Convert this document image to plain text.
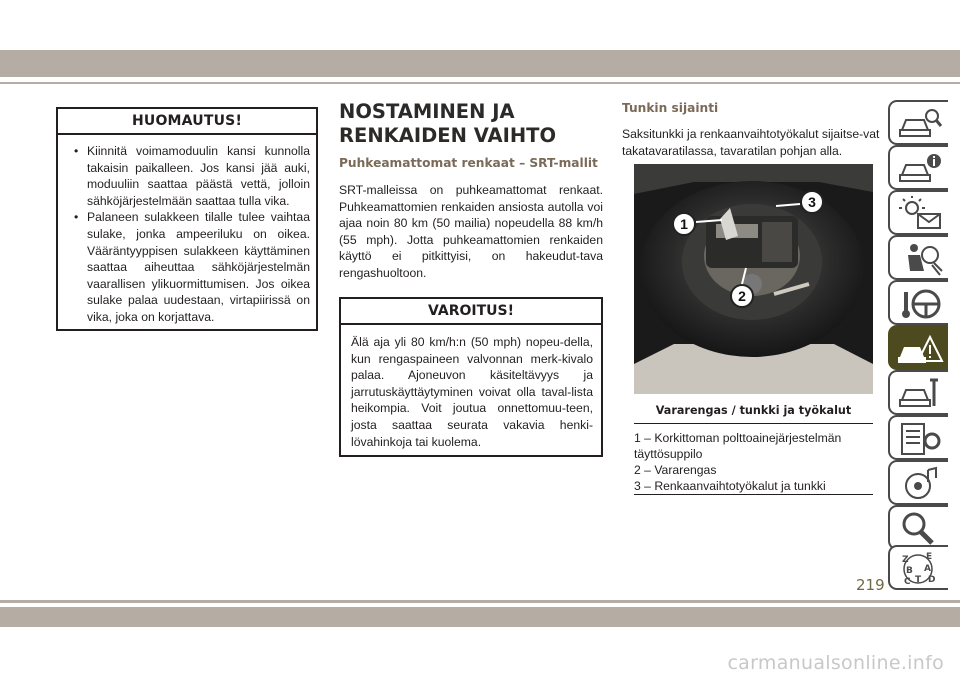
HUOMAUTUS!
• Kiinnitä voimamoduulin kansi kunnolla takaisin paikalleen. Jos kansi jää auki, moduuliin saattaa päästä vettä, jolloin sähköjärjestelmään saattaa tulla vika.
• Palaneen sulakkeen tilalle tulee vaihtaa sulake, jonka ampeeriluku on oikea. Vääräntyyppisen sulakkeen käyttäminen saattaa aiheuttaa sähköjärjestelmän vaarallisen ylikuormittumisen. Jos oikea sulake palaa uudestaan, virtapiirissä on vika, joka on korjattava.
NOSTAMINEN JA
RENKAIDEN VAIHTO
Puhkeamattomat renkaat – SRT-mallit

SRT-malleissa on puhkeamattomat renkaat. Puhkeamattomien renkaiden ansiosta autolla voi ajaa noin 80 km (50 mailia) nopeudella 88 km/h (55 mph). Jotta puhkeamattomien renkaiden käyttö ei pitkittyisi, on hakeudut-tava rengashuoltoon.

VAROITUS!

Älä aja yli 80 km/h:n (50 mph) nopeu-della, kun rengaspaineen valvonnan merk-kivalo palaa. Ajoneuvon käsiteltävyys ja jarrutuskäyttäytyminen voivat olla taval-lista heikompia. Voit joutua onnettomuu-teen, josta saattaa seurata vakavia henki-lövahinkoja tai kuolema.

Tunkin sijainti

Saksitunkki ja renkaanvaihtotyökalut sijaitse-vat takatavaratilassa, tavaratilan pohjan alla.

1
2
3
Vararengas / tunkki ja työkalut
1 – Korkittoman polttoainejärjestelmän
täyttösuppilo
2 – Vararengas
3 – Renkaanvaihtotyökalut ja tunkki
Z E
B A
C T D
219
carmanualsonline.info
